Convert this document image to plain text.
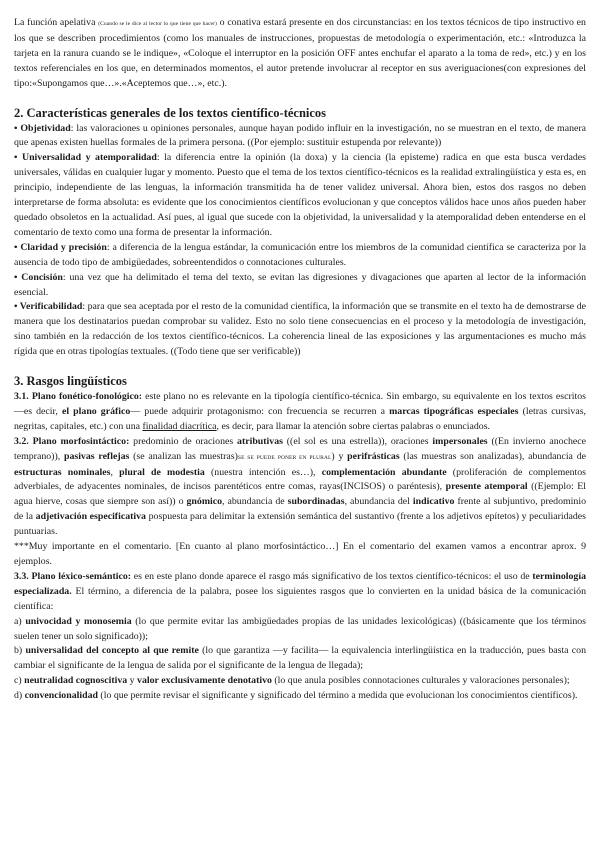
La función apelativa (Cuando se le dice al lector lo que tiene que hacer) o conativa estará presente en dos circunstancias: en los textos técnicos de tipo instructivo en los que se describen procedimientos (como los manuales de instrucciones, propuestas de metodología o experimentación, etc.: «Introduzca la tarjeta en la ranura cuando se le indique», «Coloque el interruptor en la posición OFF antes enchufar el aparato a la toma de red», etc.) y en los textos referenciales en los que, en determinados momentos, el autor pretende involucrar al receptor en sus averiguaciones(con expresiones del tipo:«Supongamos que…».«Aceptemos que…», etc.).

2. Características generales de los textos científico-técnicos

• Objetividad: las valoraciones u opiniones personales, aunque hayan podido influir en la investigación, no se muestran en el texto, de manera que apenas existen huellas formales de la primera persona. ((Por ejemplo: sustituir estupenda por relevante))

• Universalidad y atemporalidad: la diferencia entre la opinión (la doxa) y la ciencia (la episteme) radica en que esta busca verdades universales, válidas en cualquier lugar y momento. Puesto que el tema de los textos científico-técnicos es la realidad extralingüística y esta es, en principio, independiente de las lenguas, la información transmitida ha de tener validez universal. Ahora bien, estos dos rasgos no deben interpretarse de forma absoluta: es evidente que los conocimientos científicos evolucionan y que conceptos válidos hace unos años pueden haber quedado obsoletos en la actualidad. Así pues, al igual que sucede con la objetividad, la universalidad y la atemporalidad deben entenderse en el comentario de texto como una forma de presentar la información.

• Claridad y precisión: a diferencia de la lengua estándar, la comunicación entre los miembros de la comunidad científica se caracteriza por la ausencia de todo tipo de ambigüedades, sobreentendidos o connotaciones culturales.

• Concisión: una vez que ha delimitado el tema del texto, se evitan las digresiones y divagaciones que aparten al lector de la información esencial.

• Verificabilidad: para que sea aceptada por el resto de la comunidad científica, la información que se transmite en el texto ha de demostrarse de manera que los destinatarios puedan comprobar su validez. Esto no solo tiene consecuencias en el proceso y la metodología de investigación, sino también en la redacción de los textos científico-técnicos. La coherencia lineal de las exposiciones y las argumentaciones es mucho más rígida que en otras tipologías textuales. ((Todo tiene que ser verificable))

3. Rasgos lingüísticos

3.1. Plano fonético-fonológico: este plano no es relevante en la tipología científico-técnica. Sin embargo, su equivalente en los textos escritos —es decir, el plano gráfico— puede adquirir protagonismo: con frecuencia se recurren a marcas tipográficas especiales (letras cursivas, negritas, capitales, etc.) con una finalidad diacrítica, es decir, para llamar la atención sobre ciertas palabras o enunciados.

3.2. Plano morfosintáctico: predominio de oraciones atributivas ((el sol es una estrella)), oraciones impersonales ((En invierno anochece temprano)), pasivas reflejas (se analizan las muestras)SE SE PUEDE PONER EN PLURAL) y perifrásticas (las muestras son analizadas), abundancia de estructuras nominales, plural de modestia (nuestra intención es…), complementación abundante (proliferación de complementos adverbiales, de adyacentes nominales, de incisos parentéticos entre comas, rayas(INCISOS) o paréntesis), presente atemporal ((Ejemplo: El agua hierve, cosas que siempre son así)) o gnómico, abundancia de subordinadas, abundancia del indicativo frente al subjuntivo, predominio de la adjetivación especificativa pospuesta para delimitar la extensión semántica del sustantivo (frente a los adjetivos epítetos) y peculiaridades puntuarias.

***Muy importante en el comentario. [En cuanto al plano morfosintáctico…] En el comentario del examen vamos a encontrar aprox. 9 ejemplos.

3.3. Plano léxico-semántico: es en este plano donde aparece el rasgo más significativo de los textos científico-técnicos: el uso de terminología especializada. El término, a diferencia de la palabra, posee los siguientes rasgos que lo convierten en la unidad básica de la comunicación científica:

a) univocidad y monosemia (lo que permite evitar las ambigüedades propias de las unidades lexicológicas) ((básicamente que los términos suelen tener un solo significado));

b) universalidad del concepto al que remite (lo que garantiza —y facilita— la equivalencia interlingüística en la traducción, pues basta con cambiar el significante de la lengua de salida por el significante de la lengua de llegada);

c) neutralidad cognoscitiva y valor exclusivamente denotativo (lo que anula posibles connotaciones culturales y valoraciones personales);

d) convencionalidad (lo que permite revisar el significante y significado del término a medida que evolucionan los conocimientos científicos).
